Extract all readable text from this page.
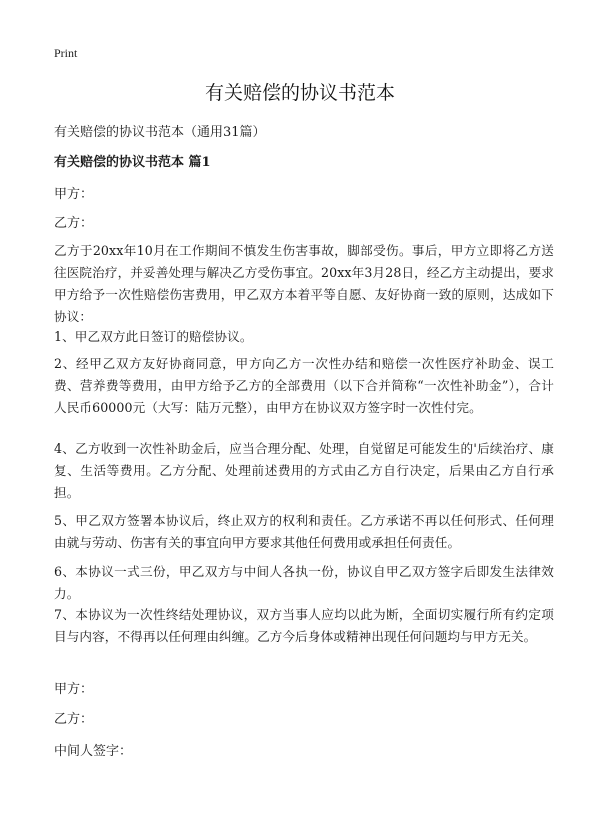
Print
有关赔偿的协议书范本

有关赔偿的协议书范本（通用31篇）

有关赔偿的协议书范本 篇1

甲方：

乙方：

乙方于20xx年10月在工作期间不慎发生伤害事故，脚部受伤。事后，甲方立即将乙方送往医院治疗，并妥善处理与解决乙方受伤事宜。20xx年3月28日，经乙方主动提出，要求甲方给予一次性赔偿伤害费用，甲乙双方本着平等自愿、友好协商一致的原则，达成如下协议：

1、甲乙双方此日签订的赔偿协议。

2、经甲乙双方友好协商同意，甲方向乙方一次性办结和赔偿一次性医疗补助金、误工费、营养费等费用，由甲方给予乙方的全部费用（以下合并简称“一次性补助金”），合计人民币60000元（大写：陆万元整），由甲方在协议双方签字时一次性付完。

4、乙方收到一次性补助金后，应当合理分配、处理，自觉留足可能发生的'后续治疗、康复、生活等费用。乙方分配、处理前述费用的方式由乙方自行决定，后果由乙方自行承担。

5、甲乙双方签署本协议后，终止双方的权利和责任。乙方承诺不再以任何形式、任何理由就与劳动、伤害有关的事宜向甲方要求其他任何费用或承担任何责任。

6、本协议一式三份，甲乙双方与中间人各执一份，协议自甲乙双方签字后即发生法律效力。

7、本协议为一次性终结处理协议，双方当事人应均以此为断，全面切实履行所有约定项目与内容，不得再以任何理由纠缠。乙方今后身体或精神出现任何问题均与甲方无关。

甲方：

乙方：

中间人签字：
